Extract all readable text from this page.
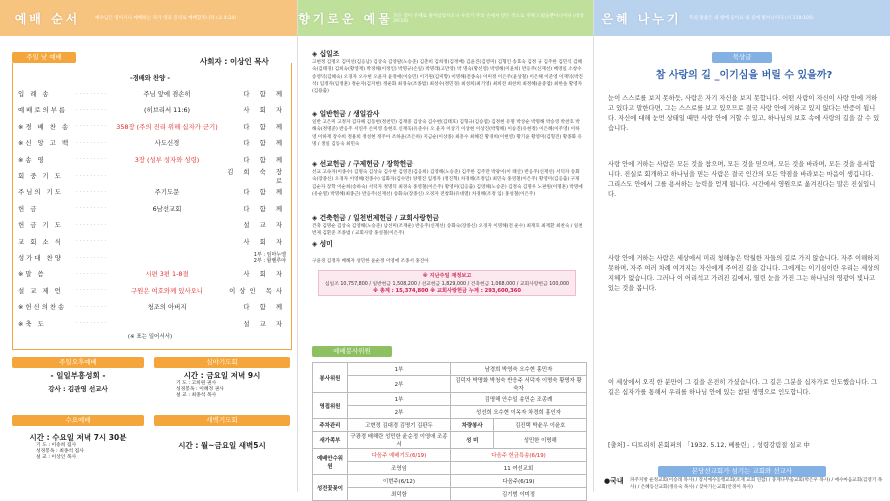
예배 순서	예수님은 영이시니 예배하는 자가 영과 진리로 예배할지니라 (요 4:24)
주일 낮 예배	사회자 : 이상인 목사
-경배와 찬양 -
입 례 송	·········	주님 앞에 겸손히	다 함 께
예배로의부름	·········	(히브리서 11:6)	사 회 자
※경 배 찬 송	·········	358장 (주의 진리 위해 십자가 군기)	다 함 께
※신 앙 고 백	·········	사도신경	다 함 께
※송 영	·········	3장 (성부 성자와 성령)	다 함 께
회 중 기 도	·········	김 희 숙 장 로
주님의 기도	·········	주기도문	다 함 께
헌 금	·········	6남선교회	다 함 께
헌 금 기 도	·········	설 교 자
교 회 소 식	·········	사 회 자
성가대 찬양	·········	1부 : 임마누엘
2부 : 할렐루야
※말 씀	·········	시편 3편 1-8절	사 회 자
설 교 제 언	·········	구원은 여호와께 있사오니	이상인 목사
※헌신의찬송	·········	청조의 아버지	다 함 께
※축 도	·········	설 교 자
(※ 표는 일어서서)
주일오후예배
- 일일부흥성회 -
강사 : 김관영 선교사
심야기도회
시간 : 금요일 저녁 9시
기 도 : 고희원 권사
성경봉독 : 이혜정 권사
설 교 : 최종석 목사
수요예배
시간 : 수요일 저녁 7시 30분
기 도 : 이송희 집사
성경봉독 : 최종석 집사
설 교 : 이상인 목사
새벽기도회
시간 : 월~금요일 새벽5시
향기로운 예물 모든 것이 주께로 말미암았사오니 우리가 주의 손에서 받은 것으로 주께 드렸을뿐이니이다 (대상 29:14)
◈ 십일조
고현정 김명오 김미선(김응남) 김상숙 김영팔(노승준) 김춘희 김희정(김정배) 김윤진(김영미) 김형인 송효숙 김정 규 김주한 김민식 김혜숙(김태경) 김희숙(황영재) 박경해(이정인) 박명규(손일) 박명래(고만영) 박 명숙(황선영) 박영해(이윤희) 반응주(신재선) 배영일 소창수 송영덕(김혜숙) 오경자 오수현 오윤자 윤정애(이승민) 이기원(김미향) 이명해(전종숙) 이미정 이은주(윤상철) 이은해 이준영 이재덕(박진석) 임정자(임정훈) 정순자(김지현) 정운화 최경숙(조종범) 최성수(정민경) 최성희(최기영) 최희전 최찬희 최정혜(윤중엽) 최한솔 황영자(김용출)
◈ 일반헌금 / 생일감사
일반 고은미 고정자 김다해 김동현(정찬민) 김재중 김상숙 김수현(김태호) 김형규(김승엽) 김정현 유명 박상순 박명해 박승영 박찬호 박해숙(정명준) 반응주 서연주 손미영 송현호 신재욱(유준수) 오 윤자 이상기 이상현 이상진(박형해) 이승진(유현정) 이은혜(이주영) 이하영 이하재 장수희 정용희 정성현 정주아 조하윤(조은하) 지금순(이상종) 최흥수 최혜진 황경희(이현영) 황기윤 황영미(김형진) 황종화 유명 / 생일 김동숙 최민숙
◈ 선교헌금 / 구제헌금 / 장학헌금
선교 고속자(이종수) 김명숙 김상숙 김수현 김영진(김응희) 김영해(노승준) 김주한 김주만 박광이(이 태산) 반응주(신재선) 서덕자 송화숙(장종신) 오경자 이영해(전종수) 임화자(김수만) 양명진 임정자 (정진혁) 차경해(조정임) 최민숙 홍영철(이은주) 황영미(김응출) 구제 김순자 장학 이순희(송하숙) 서덕자 정명덕 최경숙 홍영철(이은주) 황영미(김응출) 김영해(노승준) 김정숙 김명우 노판원(이명훈) 박명애(유순열) 박명혜(최종근) 반응주(신재선) 송화숙(장종신) 오경자 전창화(유대열) 차경해(조정 임) 홍성철(이은주)
◈ 건축헌금 / 일천번제헌금 / 교회사랑헌금
건축 김명순 김상숙 김영해(노승준) 남선미(조재운) 반응주(신재선) 송화숙(장종신) 오경자 이명해(전 운수) 최재호 최재환 최찬숙 / 일천번제 김환준 조종범 / 교회사랑 홍성철(이은주)
◈ 성미
구윤경 김정자 배해자 성민한 윤순정 이영애 조종서 홍진아
※ 지난주일 재정보고
십일조 10,757,800 / 일반헌금 1,508,200 / 선교헌금 1,829,000 / 건축헌금 1,068,000 / 교회사랑헌금 100,000
※ 총계 : 15,374,800 ※ 교회사랑헌금 누계 : 293,600,360
예배봉사위원
봉사위원	1부	남경희 박영숙 오수현 홍민자	
	2부	김덕자 박명화 박청숙 반응주 서덕자 이명숙 황명자 황숙자	
영접위원	1부	김명해 안수일 송민순 조종례	
	2부	성선희 오수현 이옥자 차경희 홍인자	
주차관리	고현정 김대경 김명기 김판두	차량봉사	김진택 박윤우 이윤호
새가족부	구광경 배해란 성민한 윤순정 이영애 조종서	성 미	성민한 이명해
예배안수위원	다음주 예배기도(6/19)	다음주 헌금특송(6/19)	
	조영임	11 여선교회	
성전꽃꽂이	이번주(6/12)	다음주(6/19)	
	최덕함	김기범 이미정	
은혜 나누기	주의 말씀은 내 발에 등이요 내 길에 빛이니이다 (시 119:105)
묵상글
참 사랑의 길 _이기심을 버릴 수 있을까?
눈이 스스로를 보지 못하듯, 사람은 자기 자신을 보지 못합니다. 어떤 사람이 자신이 사랑 안에 거하고 있다고 말한다면, 그는 스스로를 보고 있으므로 결국 사랑 안에 거하고 있지 않다는 반증이 됩니다. 자신에 대해 눈먼 상태일 때만 사랑 안에 거할 수 있고, 하나님의 보호 속에 사랑의 길을 갈 수 있습니다.
사랑 안에 거하는 사람은 모든 것을 참으며, 모든 것을 믿으며, 모든 것을 바라며, 모든 것을 용서합니다. 진실로 회개하고 하나님을 믿는 사람은 결국 인간의 모든 약점을 바라보는 마음이 생깁니다. 그리스도 안에서 그를 용서하는 능력을 얻게 됩니다. 시간에서 영원으로 옮겨진다는 말은 진실입니다.
사랑 안에 거하는 사람은 세상에서 미리 청해놓은 탁월한 자들의 길로 가지 않습니다. 자주 이해하지 못하며, 자주 여러 차례 여겨지는 자신에게 주어진 길을 갑니다. 그에게는 이기심이란 우리는 세상의 지혜가 없습니다. 그러나 이 어리석고 가려진 길에서, 열린 눈을 가진 그는 하나님의 영광이 빛나고 있는 것을 봅니다.
이 세상에서 오직 한 분만이 그 길을 온전히 가셨습니다. 그 길은 그분을 십자가로 인도했습니다. 그 길은 십자가를 통해서 우리를 하나님 안에 있는 참된 생명으로 인도합니다.
[출처] - 디트리히 본회퍼의 「1932. 5.12, 베를린」, 성령강림절 설교 中
본당선교회가 섬기는 교회와 선교사
●국내	파주지방 운정교회(이승래 목사) / 장서예수동행교회(조재 교회 연합) / 충재나무숲교회(박은우 목사) / 예수마음교회(김영기 목사) / 은혜동산교회(정유숙 목사) / 찾아가는교회(안경이 목사)
